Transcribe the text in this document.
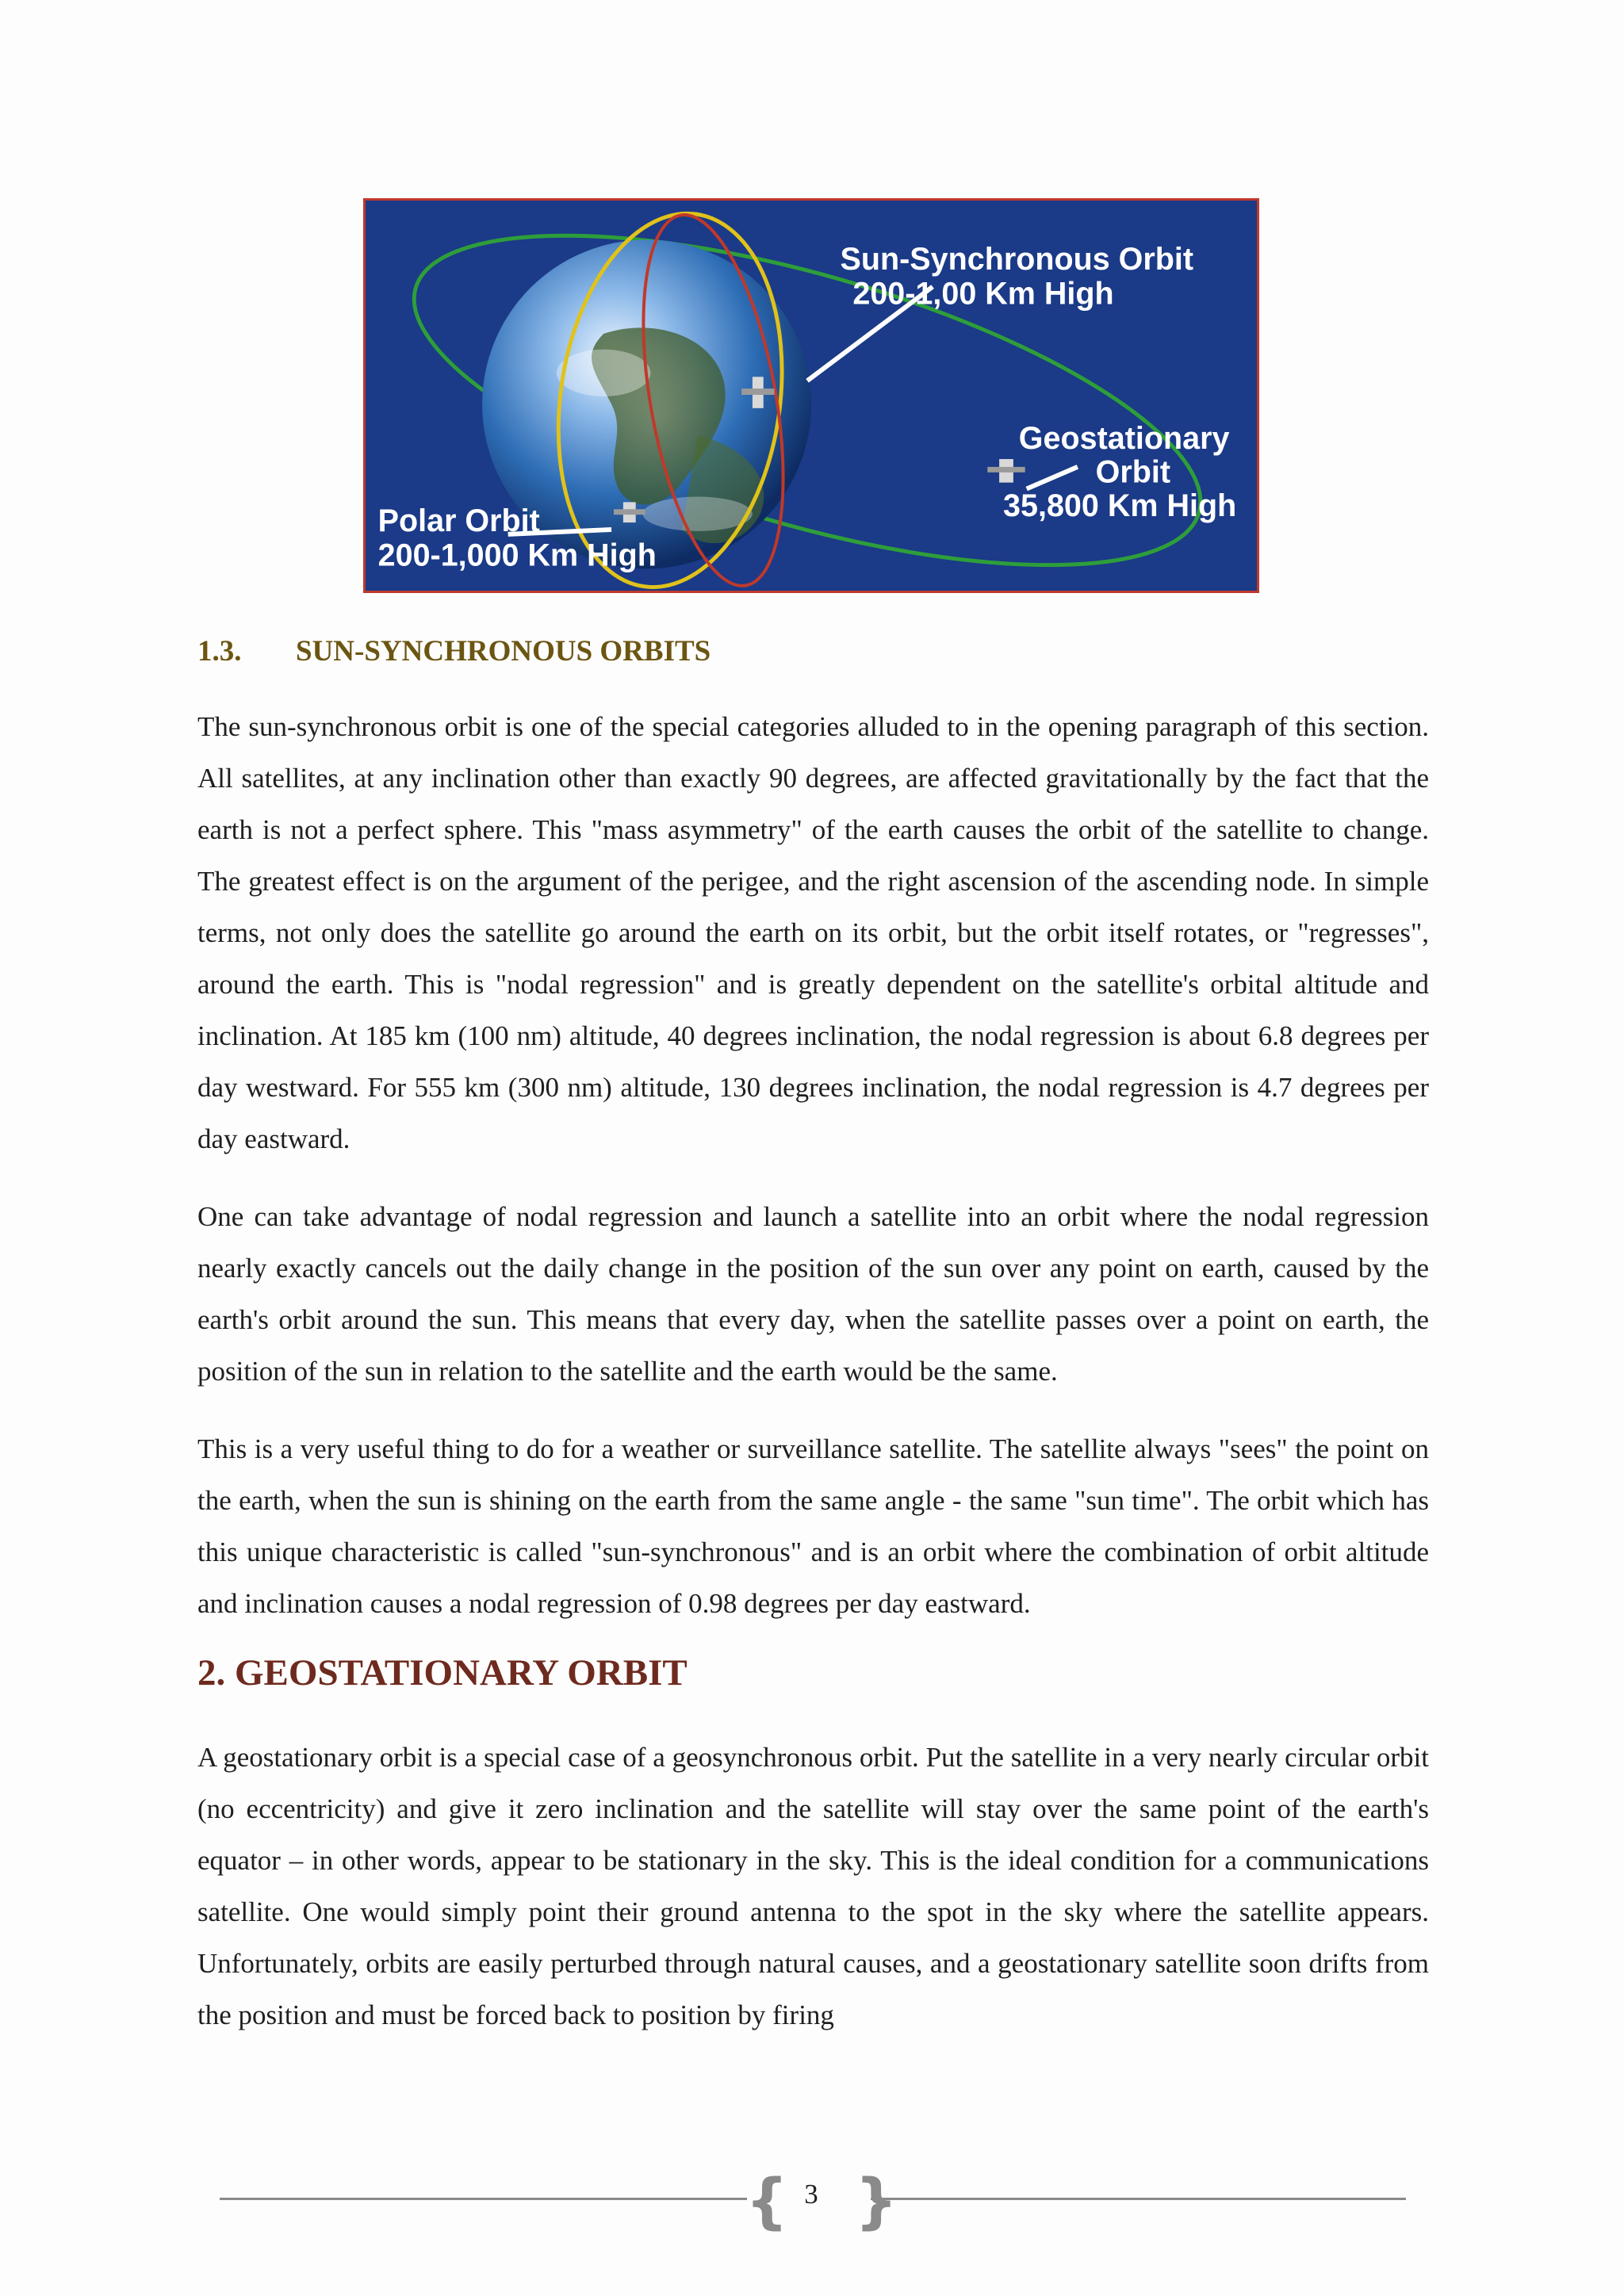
Sun-Synchronous Orbit
200-1,00 Km High
Geostationary
Orbit
35,800 Km High
Polar Orbit
200-1,000 Km High
1.3.	SUN-SYNCHRONOUS ORBITS

The sun-synchronous orbit is one of the special categories alluded to in the opening paragraph of this section. All satellites, at any inclination other than exactly 90 degrees, are affected gravitationally by the fact that the earth is not a perfect sphere. This "mass asymmetry" of the earth causes the orbit of the satellite to change. The greatest effect is on the argument of the perigee, and the right ascension of the ascending node. In simple terms, not only does the satellite go around the earth on its orbit, but the orbit itself rotates, or "regresses", around the earth. This is "nodal regression" and is greatly dependent on the satellite's orbital altitude and inclination. At 185 km (100 nm) altitude, 40 degrees inclination, the nodal regression is about 6.8 degrees per day westward. For 555 km (300 nm) altitude, 130 degrees inclination, the nodal regression is 4.7 degrees per day eastward.

One can take advantage of nodal regression and launch a satellite into an orbit where the nodal regression nearly exactly cancels out the daily change in the position of the sun over any point on earth, caused by the earth's orbit around the sun. This means that every day, when the satellite passes over a point on earth, the position of the sun in relation to the satellite and the earth would be the same.

This is a very useful thing to do for a weather or surveillance satellite. The satellite always "sees" the point on the earth, when the sun is shining on the earth from the same angle - the same "sun time". The orbit which has this unique characteristic is called "sun-synchronous" and is an orbit where the combination of orbit altitude and inclination causes a nodal regression of 0.98 degrees per day eastward.

2. GEOSTATIONARY ORBIT

A geostationary orbit is a special case of a geosynchronous orbit. Put the satellite in a very nearly circular orbit (no eccentricity) and give it zero inclination and the satellite will stay over the same point of the earth's equator – in other words, appear to be stationary in the sky. This is the ideal condition for a communications satellite. One would simply point their ground antenna to the spot in the sky where the satellite appears. Unfortunately, orbits are easily perturbed through natural causes, and a geostationary satellite soon drifts from the position and must be forced back to position by firing

{ 3 }
